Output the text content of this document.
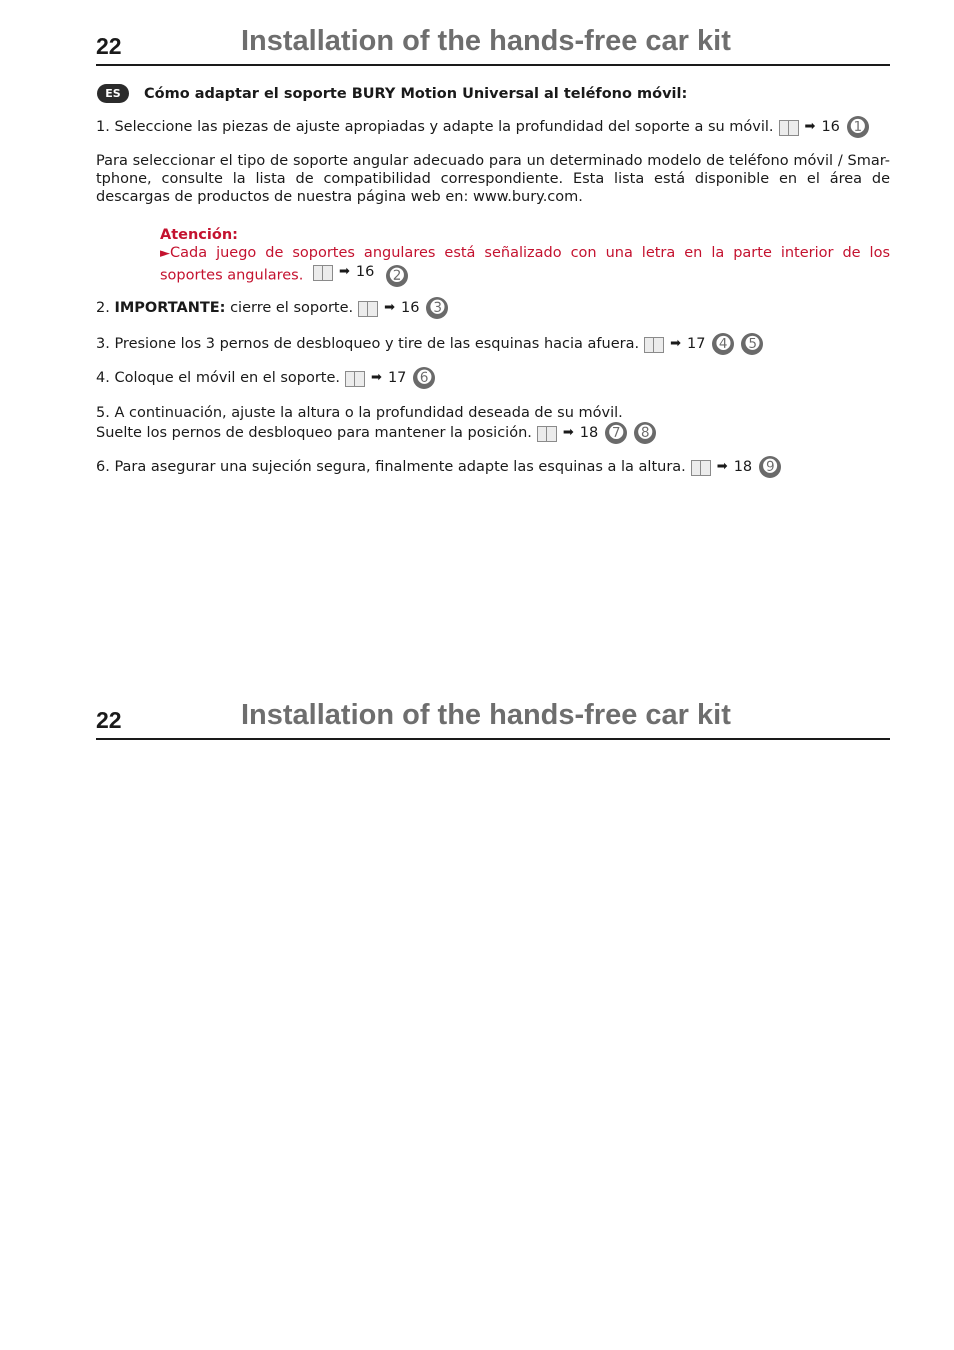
22	Installation of the hands-free car kit
ES	Cómo adaptar el soporte BURY Motion Universal al teléfono móvil:
1. Seleccione las piezas de ajuste apropiadas y adapte la profundidad del soporte a su móvil. ➡ 16 ➊
Para seleccionar el tipo de soporte angular adecuado para un determinado modelo de teléfono móvil / Smar-tphone, consulte la lista de compatibilidad correspondiente. Esta lista está disponible en el área de descargas de productos de nuestra página web en: www.bury.com.
Atención:
►Cada juego de soportes angulares está señalizado con una letra en la parte interior de los soportes angulares.	➡ 16 ➋
2.
IMPORTANTE:
cierre el soporte. ➡ 16 ➌
3. Presione los 3 pernos de desbloqueo y tire de las esquinas hacia afuera. ➡ 17 ➍ ➎
4. Coloque el móvil en el soporte. ➡ 17 ➏
5. A continuación, ajuste la altura o la profundidad deseada de su móvil.
Suelte los pernos de desbloqueo para mantener la posición. ➡ 18 ➐ ➑
6. Para asegurar una sujeción segura, finalmente adapte las esquinas a la altura. ➡ 18 ➒
22	Installation of the hands-free car kit
